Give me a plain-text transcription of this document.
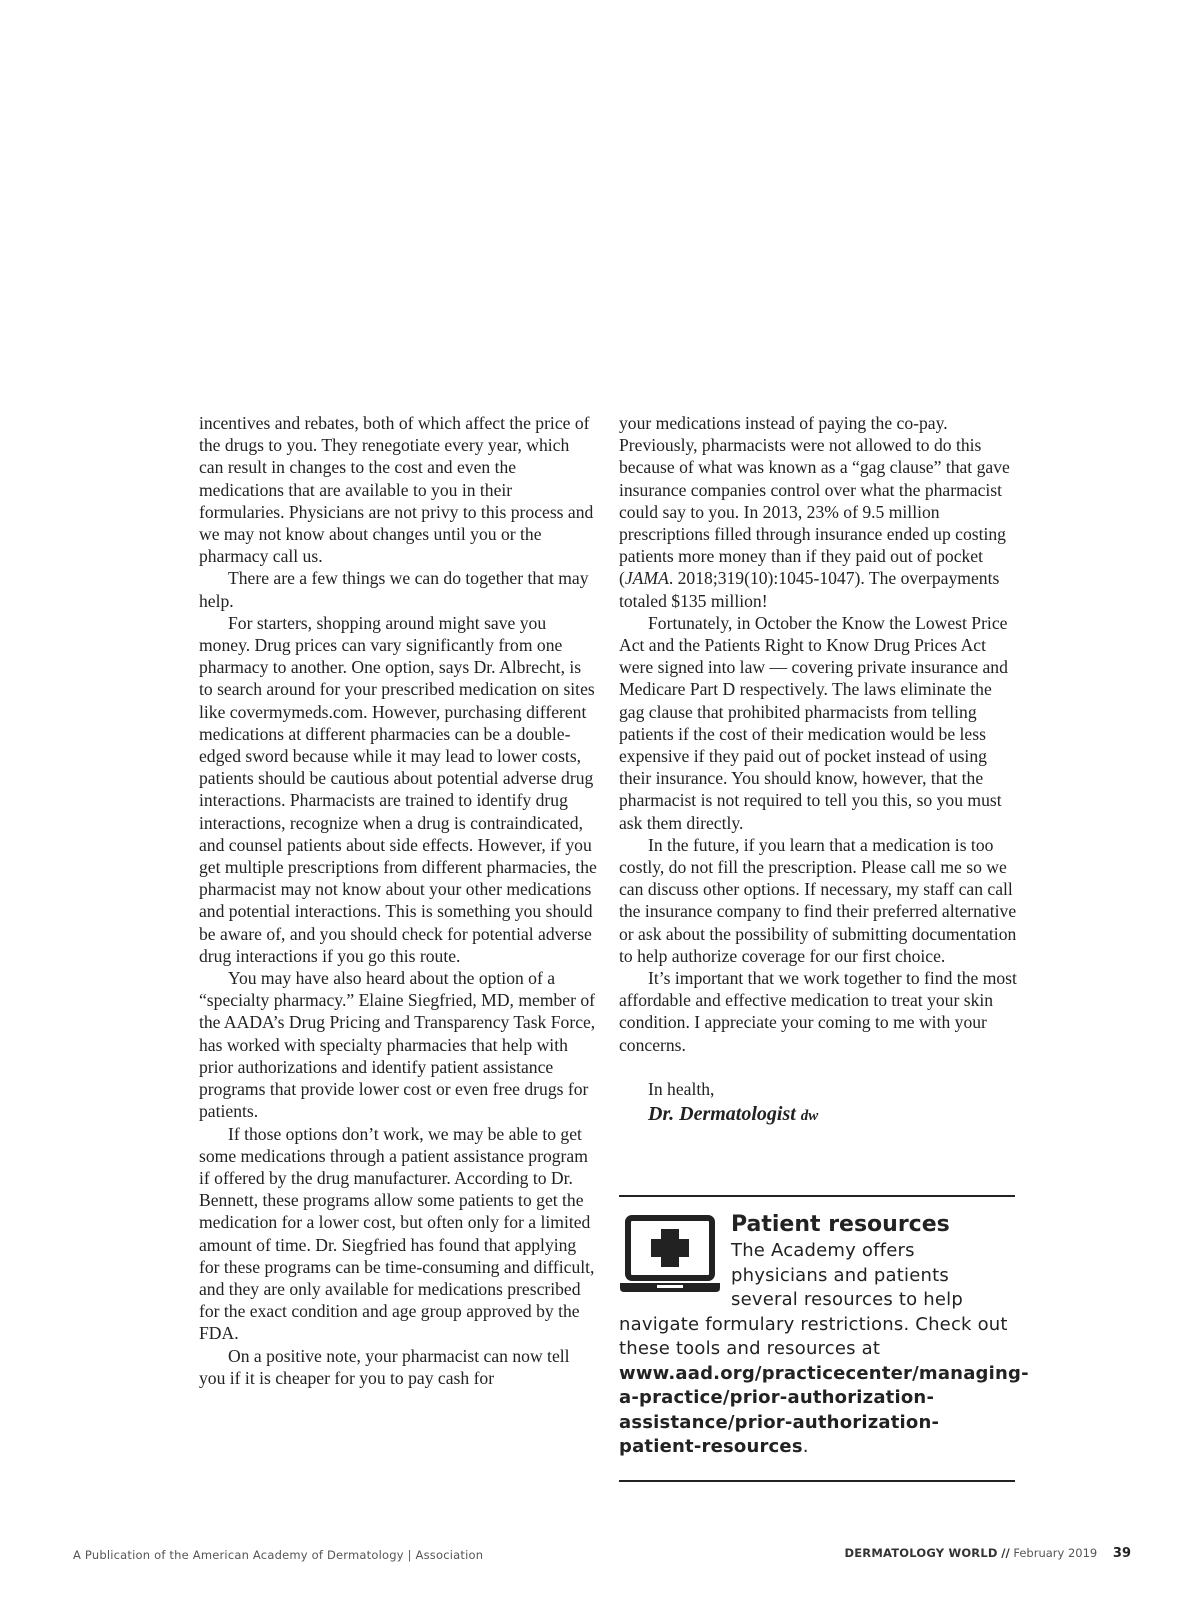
incentives and rebates, both of which affect the price of the drugs to you. They renegotiate every year, which can result in changes to the cost and even the medications that are available to you in their formularies. Physicians are not privy to this process and we may not know about changes until you or the pharmacy call us.

There are a few things we can do together that may help.

For starters, shopping around might save you money. Drug prices can vary significantly from one pharmacy to another. One option, says Dr. Albrecht, is to search around for your prescribed medication on sites like covermymeds.com. However, purchasing different medications at different pharmacies can be a double-edged sword because while it may lead to lower costs, patients should be cautious about potential adverse drug interactions. Pharmacists are trained to identify drug interactions, recognize when a drug is contraindicated, and counsel patients about side effects. However, if you get multiple prescriptions from different pharmacies, the pharmacist may not know about your other medications and potential interactions. This is something you should be aware of, and you should check for potential adverse drug interactions if you go this route.

You may have also heard about the option of a “specialty pharmacy.” Elaine Siegfried, MD, member of the AADA’s Drug Pricing and Transparency Task Force, has worked with specialty pharmacies that help with prior authorizations and identify patient assistance programs that provide lower cost or even free drugs for patients.

If those options don’t work, we may be able to get some medications through a patient assistance program if offered by the drug manufacturer. According to Dr. Bennett, these programs allow some patients to get the medication for a lower cost, but often only for a limited amount of time. Dr. Siegfried has found that applying for these programs can be time-consuming and difficult, and they are only available for medications prescribed for the exact condition and age group approved by the FDA.

On a positive note, your pharmacist can now tell you if it is cheaper for you to pay cash for

your medications instead of paying the co-pay. Previously, pharmacists were not allowed to do this because of what was known as a “gag clause” that gave insurance companies control over what the pharmacist could say to you. In 2013, 23% of 9.5 million prescriptions filled through insurance ended up costing patients more money than if they paid out of pocket (JAMA. 2018;319(10):1045-1047). The overpayments totaled $135 million!

Fortunately, in October the Know the Lowest Price Act and the Patients Right to Know Drug Prices Act were signed into law — covering private insurance and Medicare Part D respectively. The laws eliminate the gag clause that prohibited pharmacists from telling patients if the cost of their medication would be less expensive if they paid out of pocket instead of using their insurance. You should know, however, that the pharmacist is not required to tell you this, so you must ask them directly.

In the future, if you learn that a medication is too costly, do not fill the prescription. Please call me so we can discuss other options. If necessary, my staff can call the insurance company to find their preferred alternative or ask about the possibility of submitting documentation to help authorize coverage for our first choice.

It’s important that we work together to find the most affordable and effective medication to treat your skin condition. I appreciate your coming to me with your concerns.

In health,
Dr. Dermatologist dw
Patient resources
The Academy offers physicians and patients several resources to help navigate formulary restrictions. Check out these tools and resources at www.aad.org/practicecenter/managing-a-practice/prior-authorization-assistance/prior-authorization-patient-resources.
A Publication of the American Academy of Dermatology | Association	DERMATOLOGY WORLD // February 2019 39
